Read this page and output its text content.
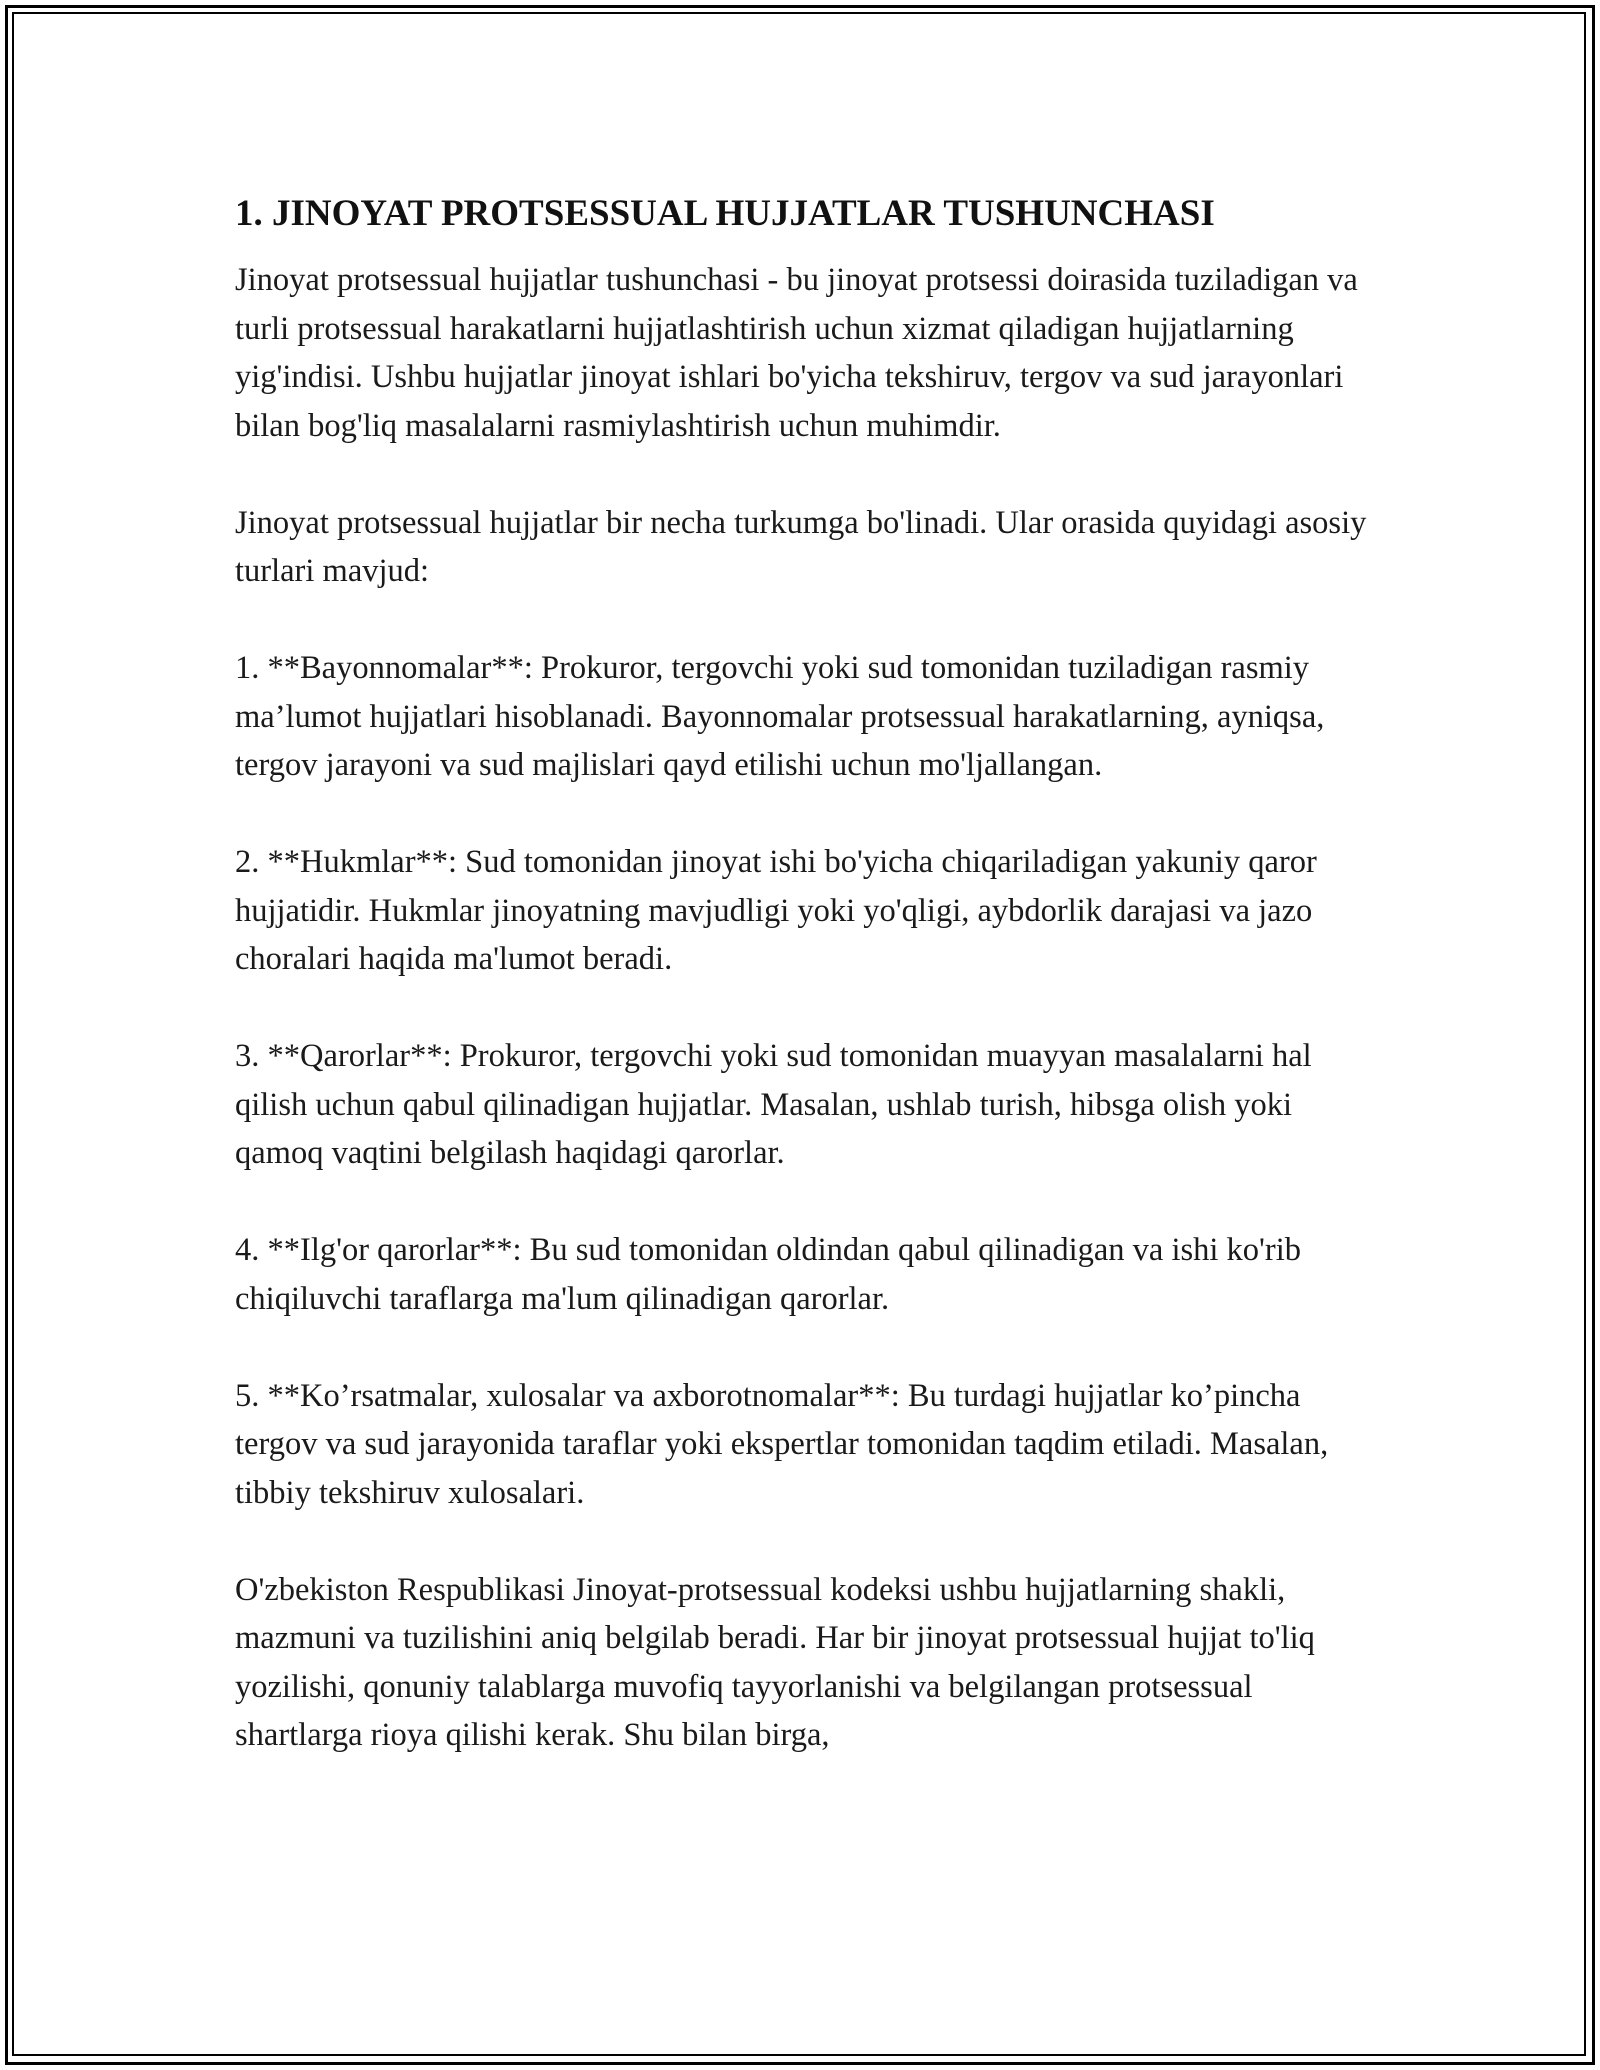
1. JINOYAT PROTSESSUAL HUJJATLAR TUSHUNCHASI

Jinoyat protsessual hujjatlar tushunchasi - bu jinoyat protsessi doirasida tuziladigan va turli protsessual harakatlarni hujjatlashtirish uchun xizmat qiladigan hujjatlarning yig'indisi. Ushbu hujjatlar jinoyat ishlari bo'yicha tekshiruv, tergov va sud jarayonlari bilan bog'liq masalalarni rasmiylashtirish uchun muhimdir.

Jinoyat protsessual hujjatlar bir necha turkumga bo'linadi. Ular orasida quyidagi asosiy turlari mavjud:

1. **Bayonnomalar**: Prokuror, tergovchi yoki sud tomonidan tuziladigan rasmiy ma’lumot hujjatlari hisoblanadi. Bayonnomalar protsessual harakatlarning, ayniqsa, tergov jarayoni va sud majlislari qayd etilishi uchun mo'ljallangan.

2. **Hukmlar**: Sud tomonidan jinoyat ishi bo'yicha chiqariladigan yakuniy qaror hujjatidir. Hukmlar jinoyatning mavjudligi yoki yo'qligi, aybdorlik darajasi va jazo choralari haqida ma'lumot beradi.

3. **Qarorlar**: Prokuror, tergovchi yoki sud tomonidan muayyan masalalarni hal qilish uchun qabul qilinadigan hujjatlar. Masalan, ushlab turish, hibsga olish yoki qamoq vaqtini belgilash haqidagi qarorlar.

4. **Ilg'or qarorlar**: Bu sud tomonidan oldindan qabul qilinadigan va ishi ko'rib chiqiluvchi taraflarga ma'lum qilinadigan qarorlar.

5. **Ko’rsatmalar, xulosalar va axborotnomalar**: Bu turdagi hujjatlar ko’pincha tergov va sud jarayonida taraflar yoki ekspertlar tomonidan taqdim etiladi. Masalan, tibbiy tekshiruv xulosalari.

O'zbekiston Respublikasi Jinoyat-protsessual kodeksi ushbu hujjatlarning shakli, mazmuni va tuzilishini aniq belgilab beradi. Har bir jinoyat protsessual hujjat to'liq yozilishi, qonuniy talablarga muvofiq tayyorlanishi va belgilangan protsessual shartlarga rioya qilishi kerak. Shu bilan birga,
